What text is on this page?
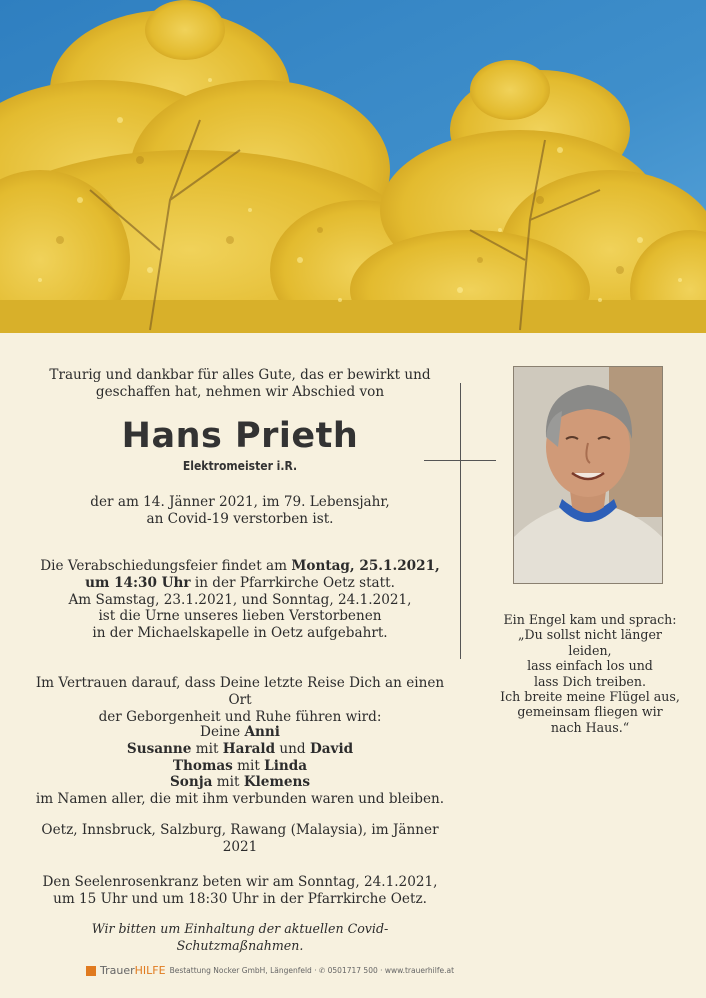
Traurig und dankbar für alles Gute, das er bewirkt und

geschaffen hat, nehmen wir Abschied von

Hans Prieth
Elektromeister i.R.

der am 14. Jänner 2021, im 79. Lebensjahr,

an Covid-19 verstorben ist.

Die Verabschiedungsfeier findet am Montag, 25.1.2021,

um 14:30 Uhr in der Pfarrkirche Oetz statt.

Am Samstag, 23.1.2021, und Sonntag, 24.1.2021,

ist die Urne unseres lieben Verstorbenen

in der Michaelskapelle in Oetz aufgebahrt.

Im Vertrauen darauf, dass Deine letzte Reise Dich an einen Ort

der Geborgenheit und Ruhe führen wird:

Deine Anni

Susanne mit Harald und David

Thomas mit Linda

Sonja mit Klemens

im Namen aller, die mit ihm verbunden waren und bleiben.

Oetz, Innsbruck, Salzburg, Rawang (Malaysia), im Jänner 2021

Den Seelenrosenkranz beten wir am Sonntag, 24.1.2021,

um 15 Uhr und um 18:30 Uhr in der Pfarrkirche Oetz.

Wir bitten um Einhaltung der aktuellen Covid-Schutzmaßnahmen.

Ein Engel kam und sprach:

„Du sollst nicht länger leiden,

lass einfach los und

lass Dich treiben.

Ich breite meine Flügel aus,

gemeinsam fliegen wir

nach Haus.“

TrauerHILFE Bestattung Nocker GmbH, Längenfeld · ✆ 0501717 500 · www.trauerhilfe.at
